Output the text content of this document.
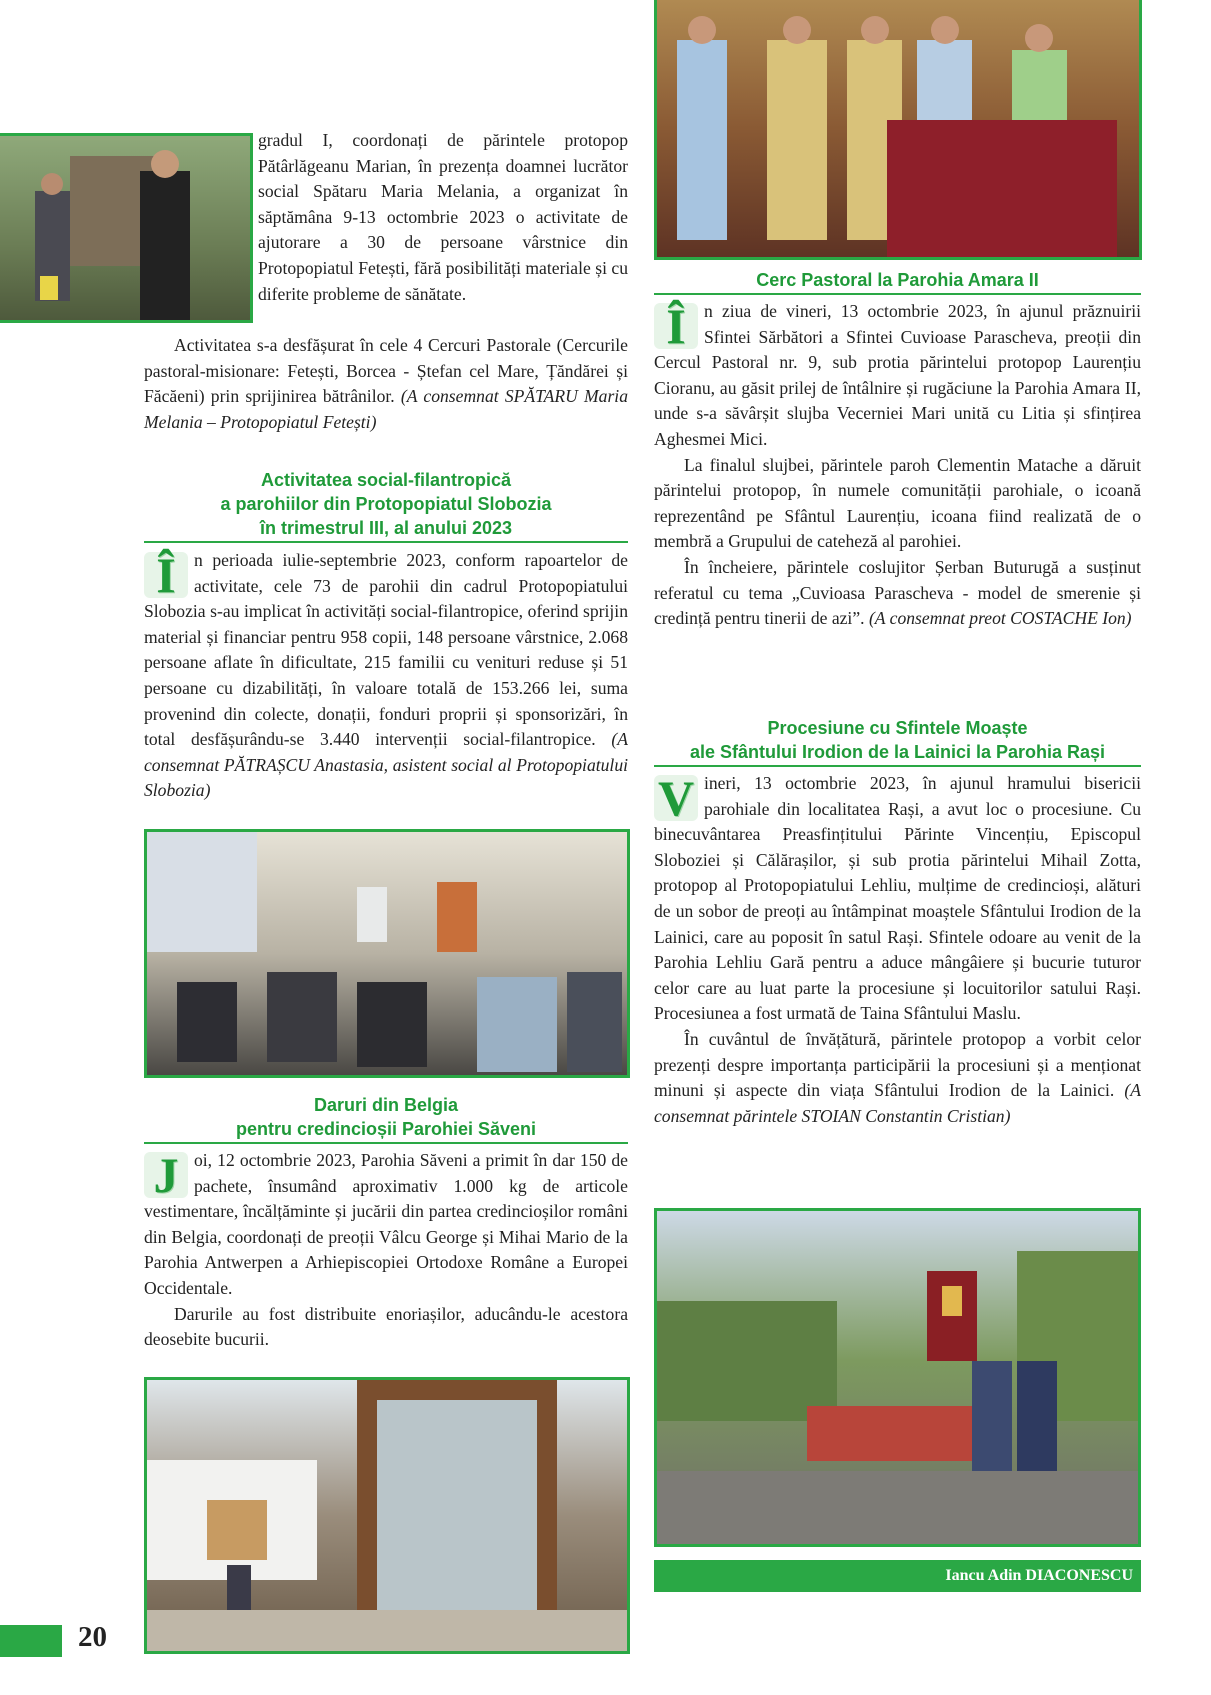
gradul I, coordonați de părintele protopop Pătârlăgeanu Marian, în prezența doamnei lucrător social Spătaru Maria Melania, a organizat în săptămâna 9-13 octombrie 2023 o activitate de ajutorare a 30 de persoane vârstnice din Protopopiatul Fetești, fără posibilități materiale și cu diferite probleme de sănătate.

Activitatea s-a desfășurat în cele 4 Cercuri Pastorale (Cercurile pastoral-misionare: Fetești, Borcea - Ștefan cel Mare, Țăndărei și Făcăeni) prin sprijinirea bătrânilor. (A consemnat SPĂTARU Maria Melania – Protopopiatul Fetești)

Activitatea social-filantropică
a parohiilor din Protopopiatul Slobozia
în trimestrul III, al anului 2023

Î	n perioada iulie-septembrie 2023, conform rapoartelor de activitate, cele 73 de parohii din cadrul Protopopiatului Slobozia s-au implicat în activități social-filantropice, oferind sprijin material și financiar pentru 958 copii, 148 persoane vârstnice, 2.068 persoane aflate în dificultate, 215 familii cu venituri reduse și 51 persoane cu dizabilități, în valoare totală de 153.266 lei, suma provenind din colecte, donații, fonduri proprii și sponsorizări, în total desfășurându-se 3.440 intervenții social-filantropice. (A consemnat PĂTRAȘCU Anastasia, asistent social al Protopopiatului Slobozia)

Daruri din Belgia
pentru credincioșii Parohiei Săveni

J oi, 12 octombrie 2023, Parohia Săveni a primit în dar 150 de pachete, însumând aproximativ 1.000 kg de articole vestimentare, încălțăminte și jucării din partea credincioșilor români din Belgia, coordonați de preoții Vâlcu George și Mihai Mario de la Parohia Antwerpen a Arhiepiscopiei Ortodoxe Române a Europei Occidentale.

Darurile au fost distribuite enoriașilor, aducându-le acestora deosebite bucurii.

Cerc Pastoral la Parohia Amara II

Î	n ziua de vineri, 13 octombrie 2023, în ajunul prăznuirii Sfintei Sărbători a Sfintei Cuvioase Parascheva, preoții din Cercul Pastoral nr. 9, sub protia părintelui protopop Laurențiu Cioranu, au găsit prilej de întâlnire și rugăciune la Parohia Amara II, unde s-a săvârșit slujba Vecerniei Mari unită cu Litia și sfințirea Aghesmei Mici.

La finalul slujbei, părintele paroh Clementin Matache a dăruit părintelui protopop, în numele comunității parohiale, o icoană reprezentând pe Sfântul Laurențiu, icoana fiind realizată de o membră a Grupului de cateheză al parohiei.

În încheiere, părintele coslujitor Șerban Buturugă a susținut referatul cu tema „Cuvioasa Parascheva - model de smerenie și credință pentru tinerii de azi”. (A consemnat preot COSTACHE Ion)

Procesiune cu Sfintele Moaște
ale Sfântului Irodion de la Lainici la Parohia Rași

V ineri, 13 octombrie 2023, în ajunul hramului bisericii parohiale din localitatea Rași, a avut loc o procesiune. Cu binecuvântarea Preasfințitului Părinte Vincențiu, Episcopul Sloboziei și Călărașilor, și sub protia părintelui Mihail Zotta, protopop al Protopopiatului Lehliu, mulțime de credincioși, alături de un sobor de preoți au întâmpinat moaștele Sfântului Irodion de la Lainici, care au poposit în satul Rași. Sfintele odoare au venit de la Parohia Lehliu Gară pentru a aduce mângâiere și bucurie tuturor celor care au luat parte la procesiune și locuitorilor satului Rași. Procesiunea a fost urmată de Taina Sfântului Maslu.

În cuvântul de învățătură, părintele protopop a vorbit celor prezenți despre importanța participării la procesiuni și a menționat minuni și aspecte din viața Sfântului Irodion de la Lainici. (A consemnat părintele STOIAN Constantin Cristian)

Iancu Adin DIACONESCU
20
